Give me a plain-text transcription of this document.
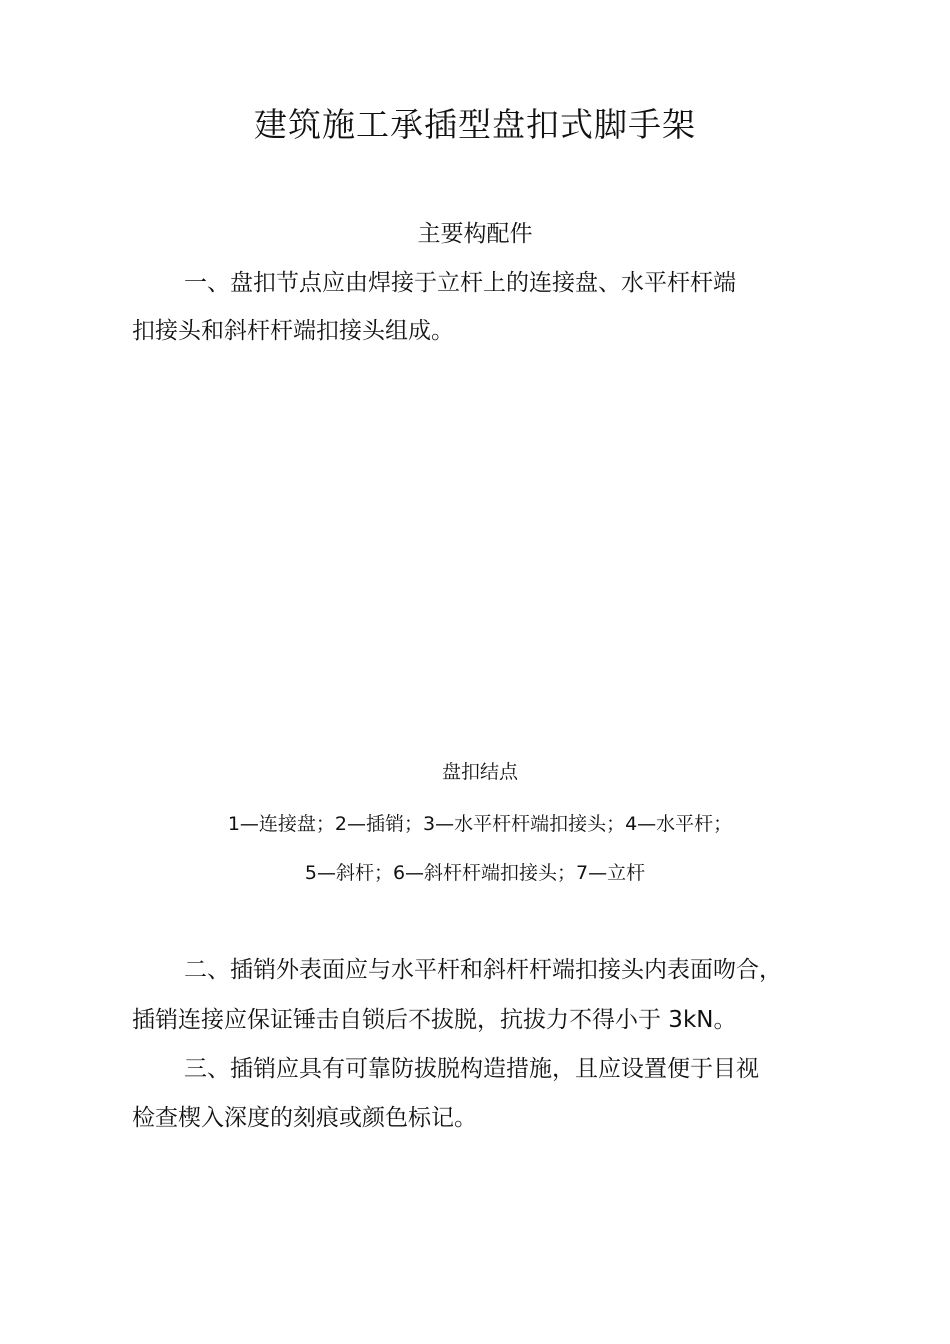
建筑施工承插型盘扣式脚手架
主要构配件
一、盘扣节点应由焊接于立杆上的连接盘、水平杆杆端
扣接头和斜杆杆端扣接头组成。
盘扣结点
1—连接盘；2—插销；3—水平杆杆端扣接头；4—水平杆；
5—斜杆；6—斜杆杆端扣接头；7—立杆
二、插销外表面应与水平杆和斜杆杆端扣接头内表面吻合，
插销连接应保证锤击自锁后不拔脱，抗拔力不得小于 3kN。
三、插销应具有可靠防拔脱构造措施，且应设置便于目视
检查楔入深度的刻痕或颜色标记。
